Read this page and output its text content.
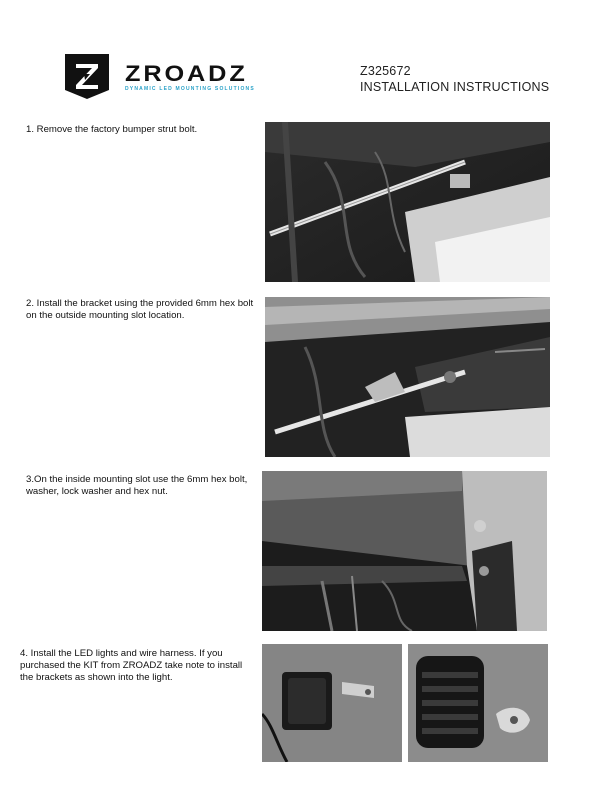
ZROADZ
DYNAMIC LED MOUNTING SOLUTIONS
Z325672
INSTALLATION INSTRUCTIONS
1. Remove the factory bumper strut bolt.
2. Install the bracket using the provided 6mm hex bolt on the outside mounting slot location.
3.On the inside mounting slot use the 6mm hex bolt, washer, lock washer and hex nut.
4. Install the LED lights and wire harness. If you purchased the KIT from ZROADZ take note to install the brackets as shown into the light.
